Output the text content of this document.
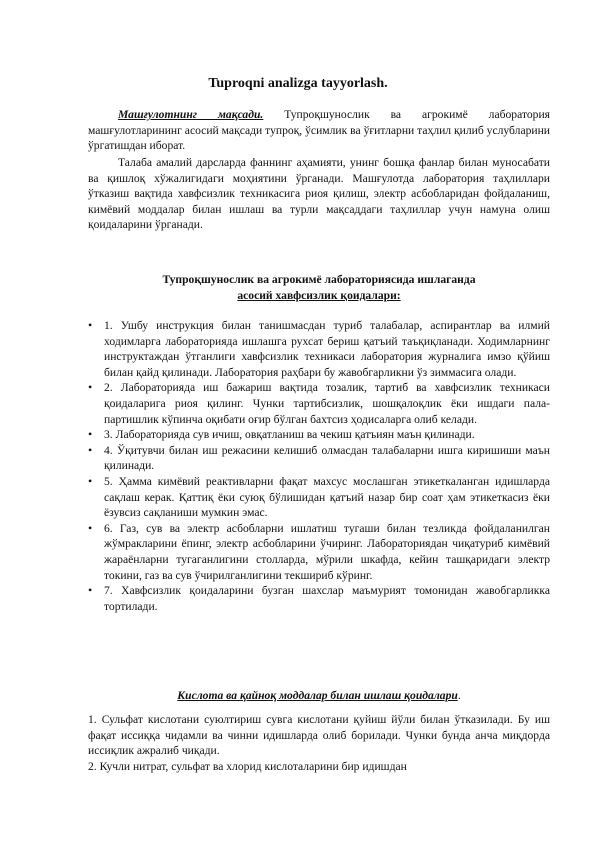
Tuproqni analizga tayyorlash.

Машғулотнинг мақсади. Тупроқшунослик ва агрокимё лаборатория машғулотларининг асосий мақсади тупроқ, ўсимлик ва ўғитларни таҳлил қилиб услубларини ўргатишдан иборат.

Талаба амалий дарсларда фаннинг аҳамияти, унинг бошқа фанлар билан муносабати ва қишлоқ хўжалигидаги моҳиятини ўрганади. Машғулотда лаборатория таҳлиллари ўтказиш вақтида хавфсизлик техникасига риоя қилиш, электр асбобларидан фойдаланиш, кимёвий моддалар билан ишлаш ва турли мақсаддаги таҳлиллар учун намуна олиш қоидаларини ўрганади.

Тупроқшунослик ва агрокимё лабораториясида ишлаганда
асосий хавфсизлик қоидалари:
• 1. Ушбу инструкция билан танишмасдан туриб талабалар, аспирантлар ва илмий ходимларга лабораторияда ишлашга рухсат бериш қатъий таъқиқланади. Ходимларнинг инструктаждан ўтганлиги хавфсизлик техникаси лаборатория журналига имзо қўйиш билан қайд қилинади. Лаборатория раҳбари бу жавобгарликни ўз зиммасига олади.
• 2. Лабораторияда иш бажариш вақтида тозалик, тартиб ва хавфсизлик техникаси қоидаларига риоя қилинг. Чунки тартибсизлик, шошқалоқлик ёки ишдаги пала-партишлик кўпинча оқибати оғир бўлган бахтсиз ҳодисаларга олиб келади.
• 3. Лабораторияда сув ичиш, овқатланиш ва чекиш қатъиян маън қилинади.
• 4. Ўқитувчи билан иш режасини келишиб олмасдан талабаларни ишга киришиши маън қилинади.
• 5. Ҳамма кимёвий реактивларни фақат махсус мослашган этикеткаланган идишларда сақлаш керак. Қаттиқ ёки суюқ бўлишидан қатъий назар бир соат ҳам этикеткасиз ёки ёзувсиз сақланиши мумкин эмас.
• 6. Газ, сув ва электр асбобларни ишлатиш тугаши билан тезликда фойдаланилган жўмракларини ёпинг, электр асбобларини ўчиринг. Лабораториядан чиқатуриб кимёвий жараёнларни тугаганлигини столларда, мўрили шкафда, кейин ташқаридаги электр токини, газ ва сув ўчирилганлигини текшириб кўринг.
• 7. Хавфсизлик қоидаларини бузган шахслар маъмурият томонидан жавобгарликка тортилади.
Кислота ва қайноқ моддалар билан ишлаш қоидалари.

1. Сульфат кислотани суюлтириш сувга кислотани қуйиш йўли билан ўтказилади. Бу иш фақат иссиққа чидамли ва чинни идишларда олиб борилади. Чунки бунда анча миқдорда иссиқлик ажралиб чиқади.

2. Кучли нитрат, сульфат ва хлорид кислоталарини бир идишдан
